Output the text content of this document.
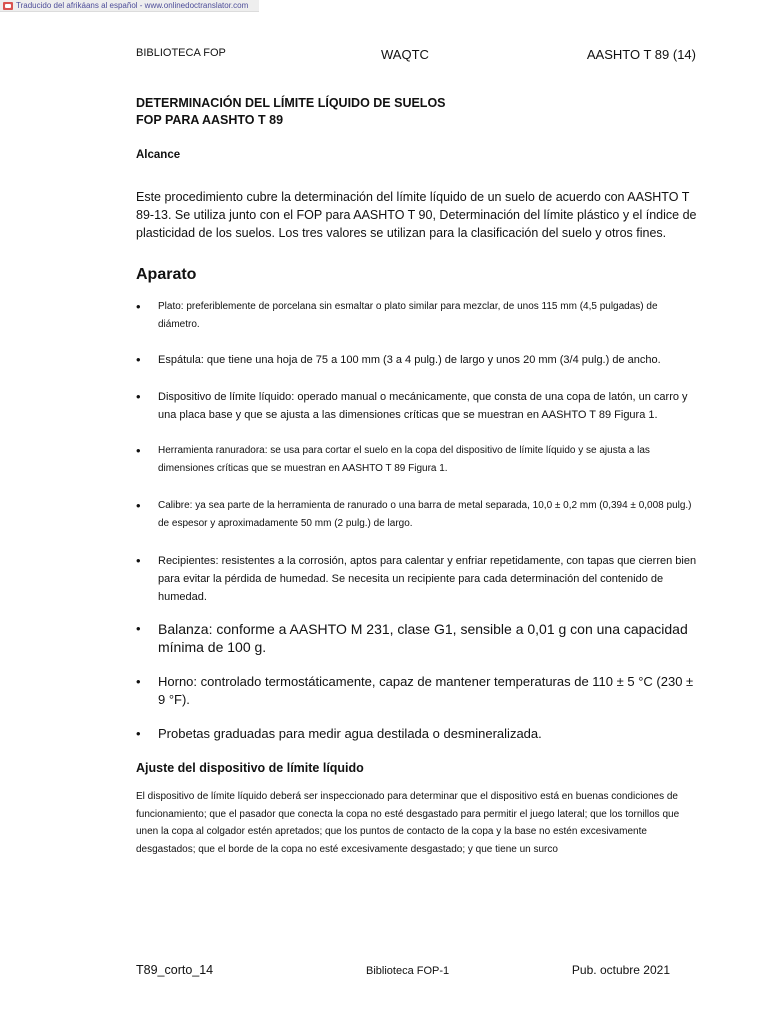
Traducido del afrikáans al español - www.onlinedoctranslator.com
BIBLIOTECA FOP	WAQTC	AASHTO T 89 (14)

DETERMINACIÓN DEL LÍMITE LÍQUIDO DE SUELOS

FOP PARA AASHTO T 89

Alcance

Este procedimiento cubre la determinación del límite líquido de un suelo de acuerdo con AASHTO T 89-13. Se utiliza junto con el FOP para AASHTO T 90, Determinación del límite plástico y el índice de plasticidad de los suelos. Los tres valores se utilizan para la clasificación del suelo y otros fines.

Aparato

• Plato: preferiblemente de porcelana sin esmaltar o plato similar para mezclar, de unos 115 mm (4,5 pulgadas) de diámetro.
• Espátula: que tiene una hoja de 75 a 100 mm (3 a 4 pulg.) de largo y unos 20 mm (3/4 pulg.) de ancho.
• Dispositivo de límite líquido: operado manual o mecánicamente, que consta de una copa de latón, un carro y una placa base y que se ajusta a las dimensiones críticas que se muestran en AASHTO T 89 Figura 1.
• Herramienta ranuradora: se usa para cortar el suelo en la copa del dispositivo de límite líquido y se ajusta a las dimensiones críticas que se muestran en AASHTO T 89 Figura 1.
• Calibre: ya sea parte de la herramienta de ranurado o una barra de metal separada, 10,0 ± 0,2 mm (0,394 ± 0,008 pulg.) de espesor y aproximadamente 50 mm (2 pulg.) de largo.
• Recipientes: resistentes a la corrosión, aptos para calentar y enfriar repetidamente, con tapas que cierren bien para evitar la pérdida de humedad. Se necesita un recipiente para cada determinación del contenido de humedad.
• Balanza: conforme a AASHTO M 231, clase G1, sensible a 0,01 g con una capacidad mínima de 100 g.
• Horno: controlado termostáticamente, capaz de mantener temperaturas de 110 ± 5 °C (230 ± 9 °F).
• Probetas graduadas para medir agua destilada o desmineralizada.

Ajuste del dispositivo de límite líquido

El dispositivo de límite líquido deberá ser inspeccionado para determinar que el dispositivo está en buenas condiciones de funcionamiento; que el pasador que conecta la copa no esté desgastado para permitir el juego lateral; que los tornillos que unen la copa al colgador estén apretados; que los puntos de contacto de la copa y la base no estén excesivamente desgastados; que el borde de la copa no esté excesivamente desgastado; y que tiene un surco

T89_corto_14	Biblioteca FOP-1	Pub. octubre 2021
